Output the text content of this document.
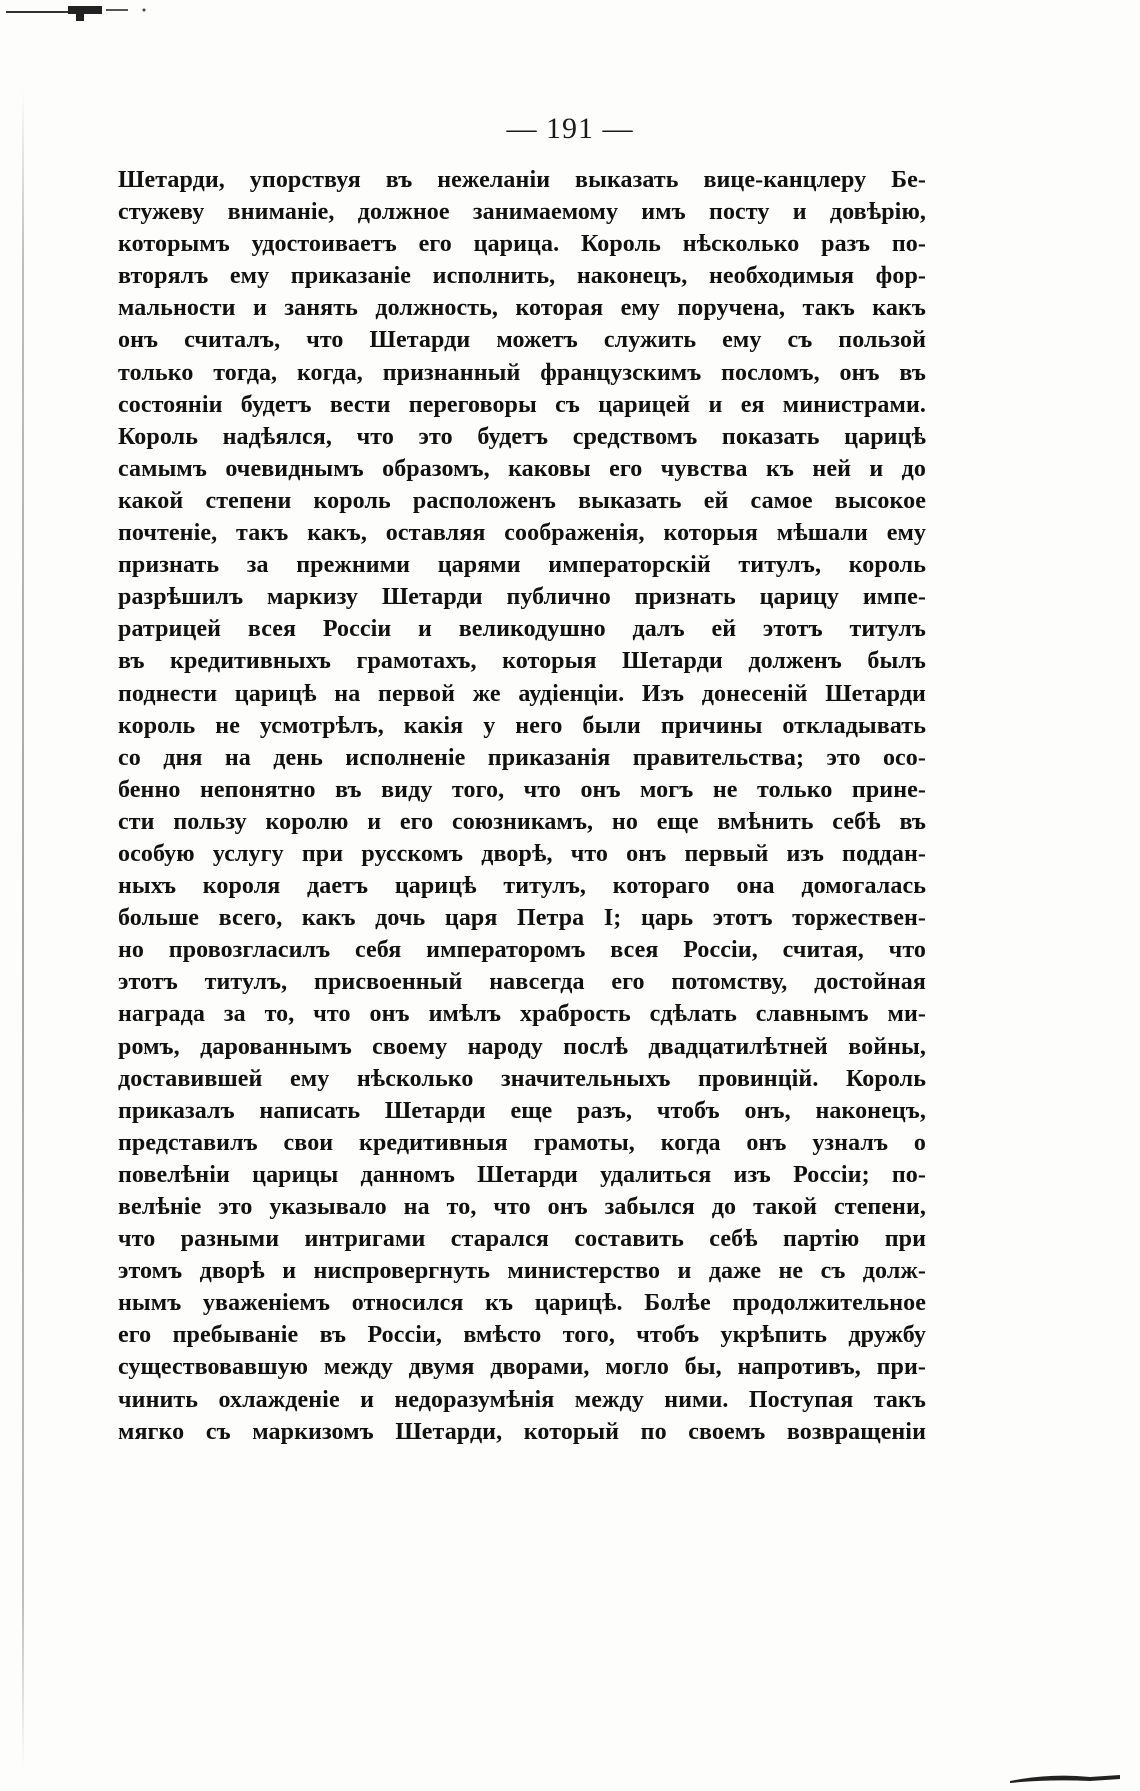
— 191 —
Шетарди, упорствуя въ нежеланіи выказать вице-канцлеру Бе-
стужеву вниманіе, должное занимаемому имъ посту и довѣрію,
которымъ удостоиваетъ его царица. Король нѣсколько разъ по-
вторялъ ему приказаніе исполнить, наконецъ, необходимыя фор-
мальности и занять должность, которая ему поручена, такъ какъ
онъ считалъ, что Шетарди можетъ служить ему съ пользой
только тогда, когда, признанный французскимъ посломъ, онъ въ
состояніи будетъ вести переговоры съ царицей и ея министрами.
Король надѣялся, что это будетъ средствомъ показать царицѣ
самымъ очевиднымъ образомъ, каковы его чувства къ ней и до
какой степени король расположенъ выказать ей самое высокое
почтеніе, такъ какъ, оставляя соображенія, которыя мѣшали ему
признать за прежними царями императорскій титулъ, король
разрѣшилъ маркизу Шетарди публично признать царицу импе-
ратрицей всея Россіи и великодушно далъ ей этотъ титулъ
въ кредитивныхъ грамотахъ, которыя Шетарди долженъ былъ
поднести царицѣ на первой же аудіенціи. Изъ донесеній Шетарди
король не усмотрѣлъ, какія у него были причины откладывать
со дня на день исполненіе приказанія правительства; это осо-
бенно непонятно въ виду того, что онъ могъ не только прине-
сти пользу королю и его союзникамъ, но еще вмѣнить себѣ въ
особую услугу при русскомъ дворѣ, что онъ первый изъ поддан-
ныхъ короля даетъ царицѣ титулъ, котораго она домогалась
больше всего, какъ дочь царя Петра I; царь этотъ торжествен-
но провозгласилъ себя императоромъ всея Россіи, считая, что
этотъ титулъ, присвоенный навсегда его потомству, достойная
награда за то, что онъ имѣлъ храбрость сдѣлать славнымъ ми-
ромъ, дарованнымъ своему народу послѣ двадцатилѣтней войны,
доставившей ему нѣсколько значительныхъ провинцій. Король
приказалъ написать Шетарди еще разъ, чтобъ онъ, наконецъ,
представилъ свои кредитивныя грамоты, когда онъ узналъ о
повелѣніи царицы данномъ Шетарди удалиться изъ Россіи; по-
велѣніе это указывало на то, что онъ забылся до такой степени,
что разными интригами старался составить себѣ партію при
этомъ дворѣ и ниспровергнуть министерство и даже не съ долж-
нымъ уваженіемъ относился къ царицѣ. Болѣе продолжительное
его пребываніе въ Россіи, вмѣсто того, чтобъ укрѣпить дружбу
существовавшую между двумя дворами, могло бы, напротивъ, при-
чинить охлажденіе и недоразумѣнія между ними. Поступая такъ
мягко съ маркизомъ Шетарди, который по своемъ возвращеніи
